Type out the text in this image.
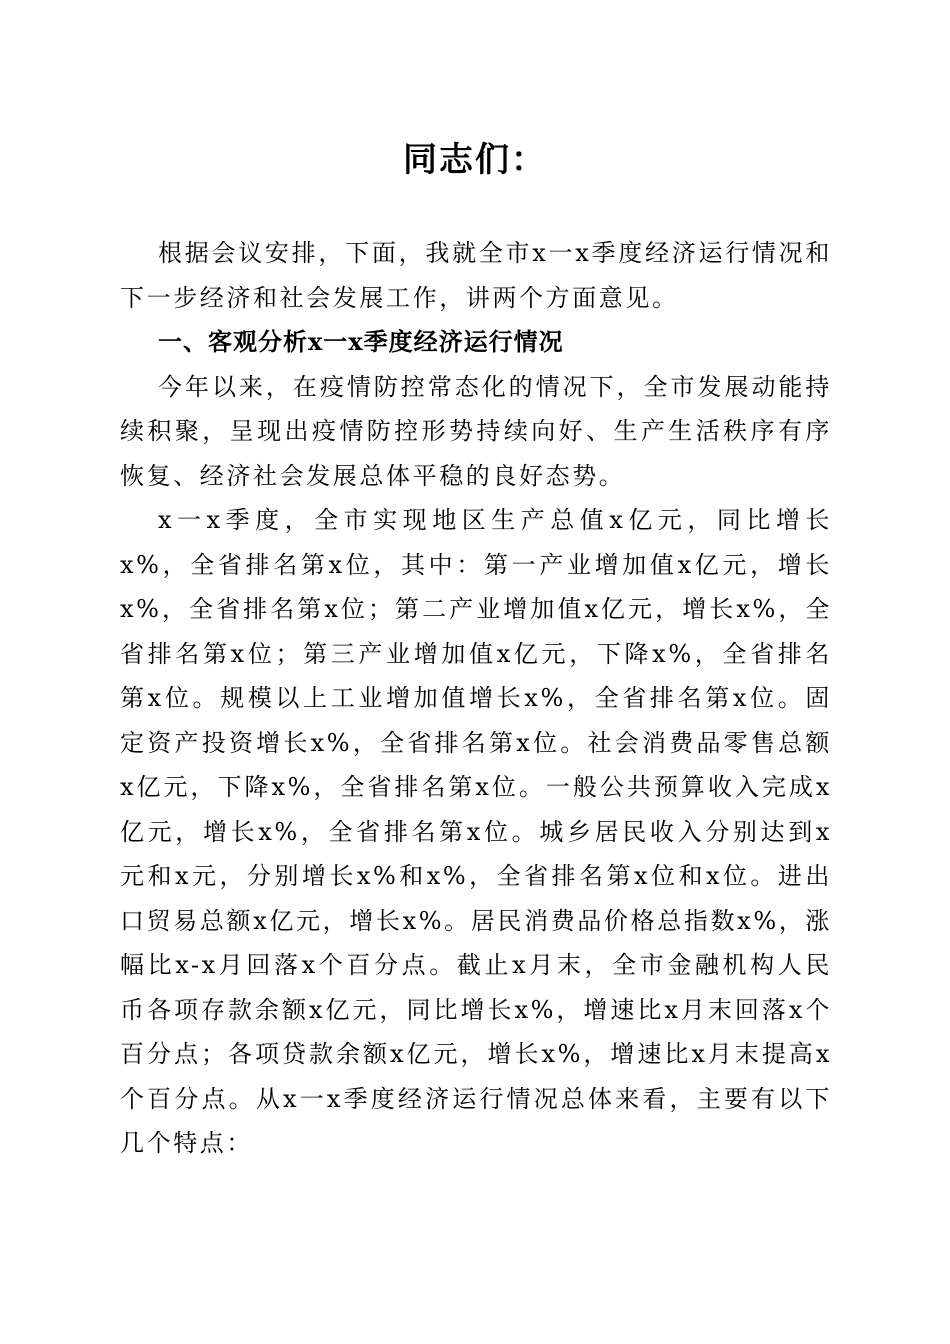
同志们：

根据会议安排，下面，我就全市x一x季度经济运行情况和下一步经济和社会发展工作，讲两个方面意见。

一、客观分析x一x季度经济运行情况

今年以来，在疫情防控常态化的情况下，全市发展动能持续积聚，呈现出疫情防控形势持续向好、生产生活秩序有序恢复、经济社会发展总体平稳的良好态势。

x一x季度，全市实现地区生产总值x亿元，同比增长x%，全省排名第x位，其中：第一产业增加值x亿元，增长x%，全省排名第x位；第二产业增加值x亿元，增长x%，全省排名第x位；第三产业增加值x亿元，下降x%，全省排名第x位。规模以上工业增加值增长x%，全省排名第x位。固定资产投资增长x%，全省排名第x位。社会消费品零售总额x亿元，下降x%，全省排名第x位。一般公共预算收入完成x亿元，增长x%，全省排名第x位。城乡居民收入分别达到x元和x元，分别增长x%和x%，全省排名第x位和x位。进出口贸易总额x亿元，增长x%。居民消费品价格总指数x%，涨幅比x-x月回落x个百分点。截止x月末，全市金融机构人民币各项存款余额x亿元，同比增长x%，增速比x月末回落x个百分点；各项贷款余额x亿元，增长x%，增速比x月末提高x个百分点。从x一x季度经济运行情况总体来看，主要有以下几个特点：
